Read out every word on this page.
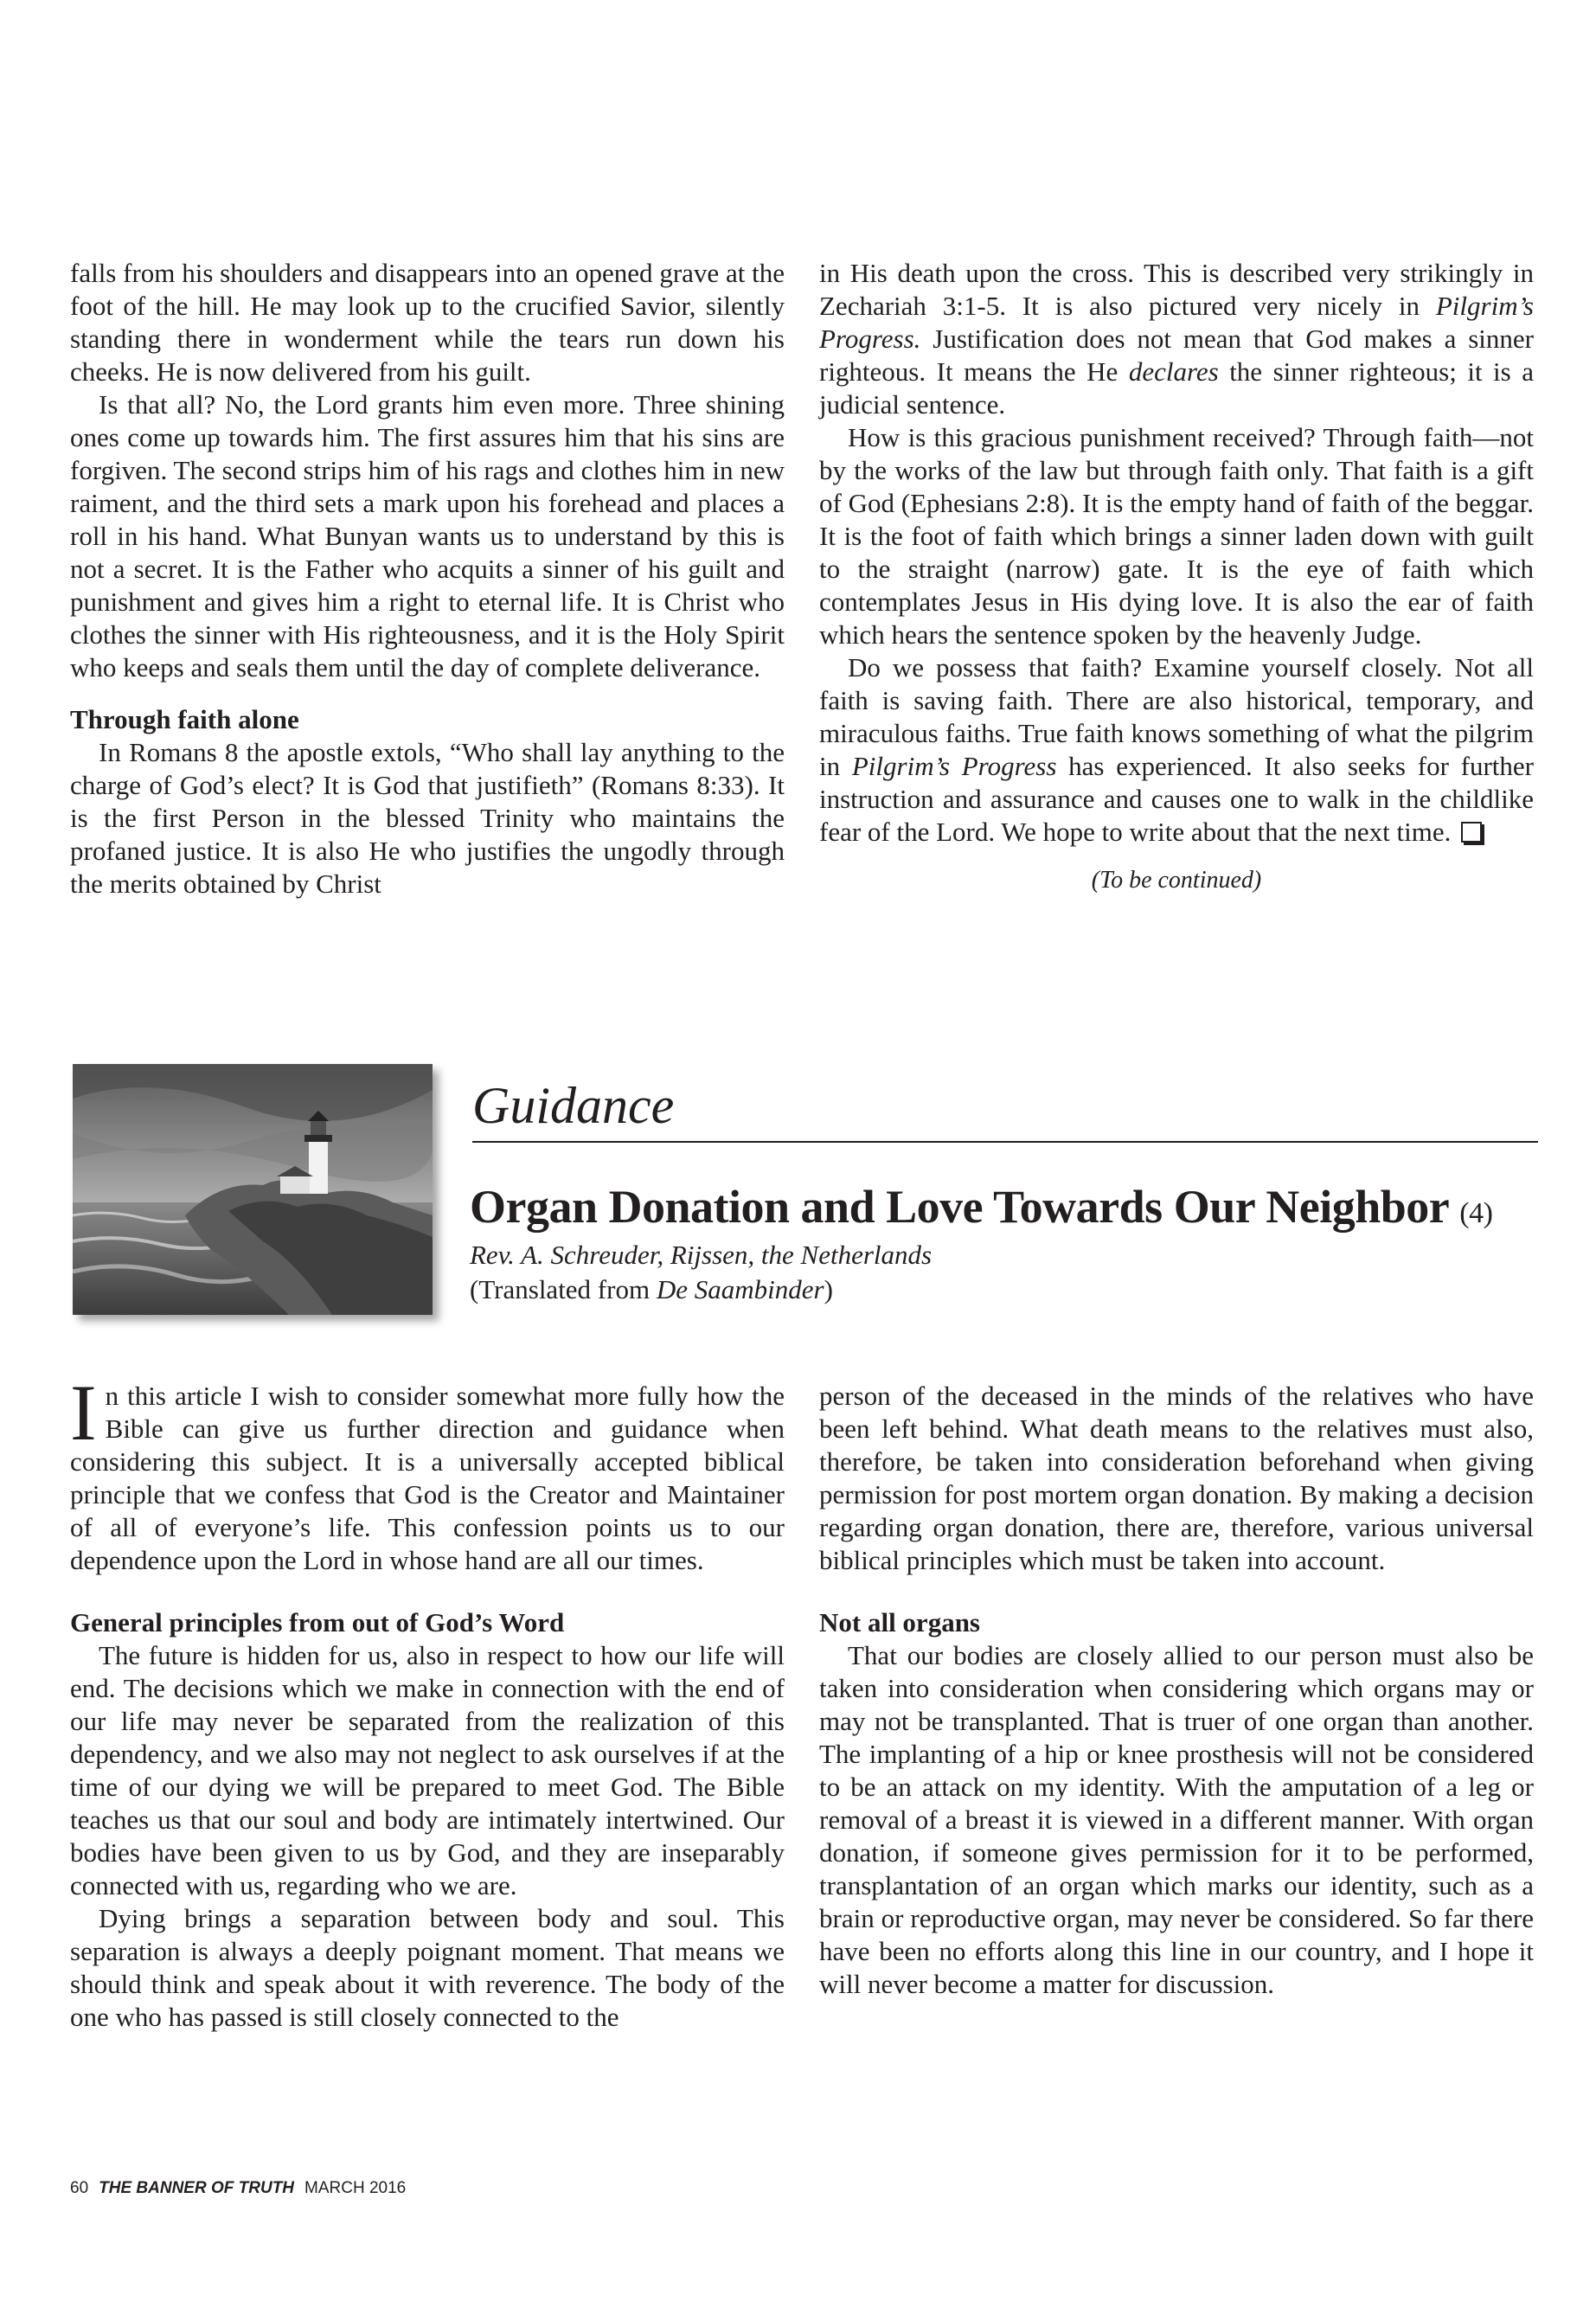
falls from his shoulders and disappears into an opened grave at the foot of the hill. He may look up to the crucified Savior, silently standing there in wonderment while the tears run down his cheeks. He is now delivered from his guilt.

Is that all? No, the Lord grants him even more. Three shining ones come up towards him. The first assures him that his sins are forgiven. The second strips him of his rags and clothes him in new raiment, and the third sets a mark upon his forehead and places a roll in his hand. What Bunyan wants us to understand by this is not a secret. It is the Father who acquits a sinner of his guilt and punishment and gives him a right to eternal life. It is Christ who clothes the sinner with His righteousness, and it is the Holy Spirit who keeps and seals them until the day of complete deliverance.

Through faith alone

In Romans 8 the apostle extols, “Who shall lay anything to the charge of God’s elect? It is God that justifieth” (Romans 8:33). It is the first Person in the blessed Trinity who maintains the profaned justice. It is also He who justifies the ungodly through the merits obtained by Christ

in His death upon the cross. This is described very strikingly in Zechariah 3:1-5. It is also pictured very nicely in Pilgrim’s Progress. Justification does not mean that God makes a sinner righteous. It means the He declares the sinner righteous; it is a judicial sentence.

How is this gracious punishment received? Through faith—not by the works of the law but through faith only. That faith is a gift of God (Ephesians 2:8). It is the empty hand of faith of the beggar. It is the foot of faith which brings a sinner laden down with guilt to the straight (narrow) gate. It is the eye of faith which contemplates Jesus in His dying love. It is also the ear of faith which hears the sentence spoken by the heavenly Judge.

Do we possess that faith? Examine yourself closely. Not all faith is saving faith. There are also historical, temporary, and miraculous faiths. True faith knows something of what the pilgrim in Pilgrim’s Progress has experienced. It also seeks for further instruction and assurance and causes one to walk in the childlike fear of the Lord. We hope to write about that the next time.

(To be continued)

Guidance
Organ Donation and Love Towards Our Neighbor (4)

Rev. A. Schreuder, Rijssen, the Netherlands

(Translated from De Saambinder)

In this article I wish to consider somewhat more fully how the Bible can give us further direction and guidance when considering this subject. It is a universally accepted biblical principle that we confess that God is the Creator and Maintainer of all of everyone’s life. This confession points us to our dependence upon the Lord in whose hand are all our times.

General principles from out of God’s Word

The future is hidden for us, also in respect to how our life will end. The decisions which we make in connection with the end of our life may never be separated from the realization of this dependency, and we also may not neglect to ask ourselves if at the time of our dying we will be prepared to meet God. The Bible teaches us that our soul and body are intimately intertwined. Our bodies have been given to us by God, and they are inseparably connected with us, regarding who we are.

Dying brings a separation between body and soul. This separation is always a deeply poignant moment. That means we should think and speak about it with reverence. The body of the one who has passed is still closely connected to the

person of the deceased in the minds of the relatives who have been left behind. What death means to the relatives must also, therefore, be taken into consideration beforehand when giving permission for post mortem organ donation. By making a decision regarding organ donation, there are, therefore, various universal biblical principles which must be taken into account.

Not all organs

That our bodies are closely allied to our person must also be taken into consideration when considering which organs may or may not be transplanted. That is truer of one organ than another. The implanting of a hip or knee prosthesis will not be considered to be an attack on my identity. With the amputation of a leg or removal of a breast it is viewed in a different manner. With organ donation, if someone gives permission for it to be performed, transplantation of an organ which marks our identity, such as a brain or reproductive organ, may never be considered. So far there have been no efforts along this line in our country, and I hope it will never become a matter for discussion.

60 THE BANNER OF TRUTH MARCH 2016
